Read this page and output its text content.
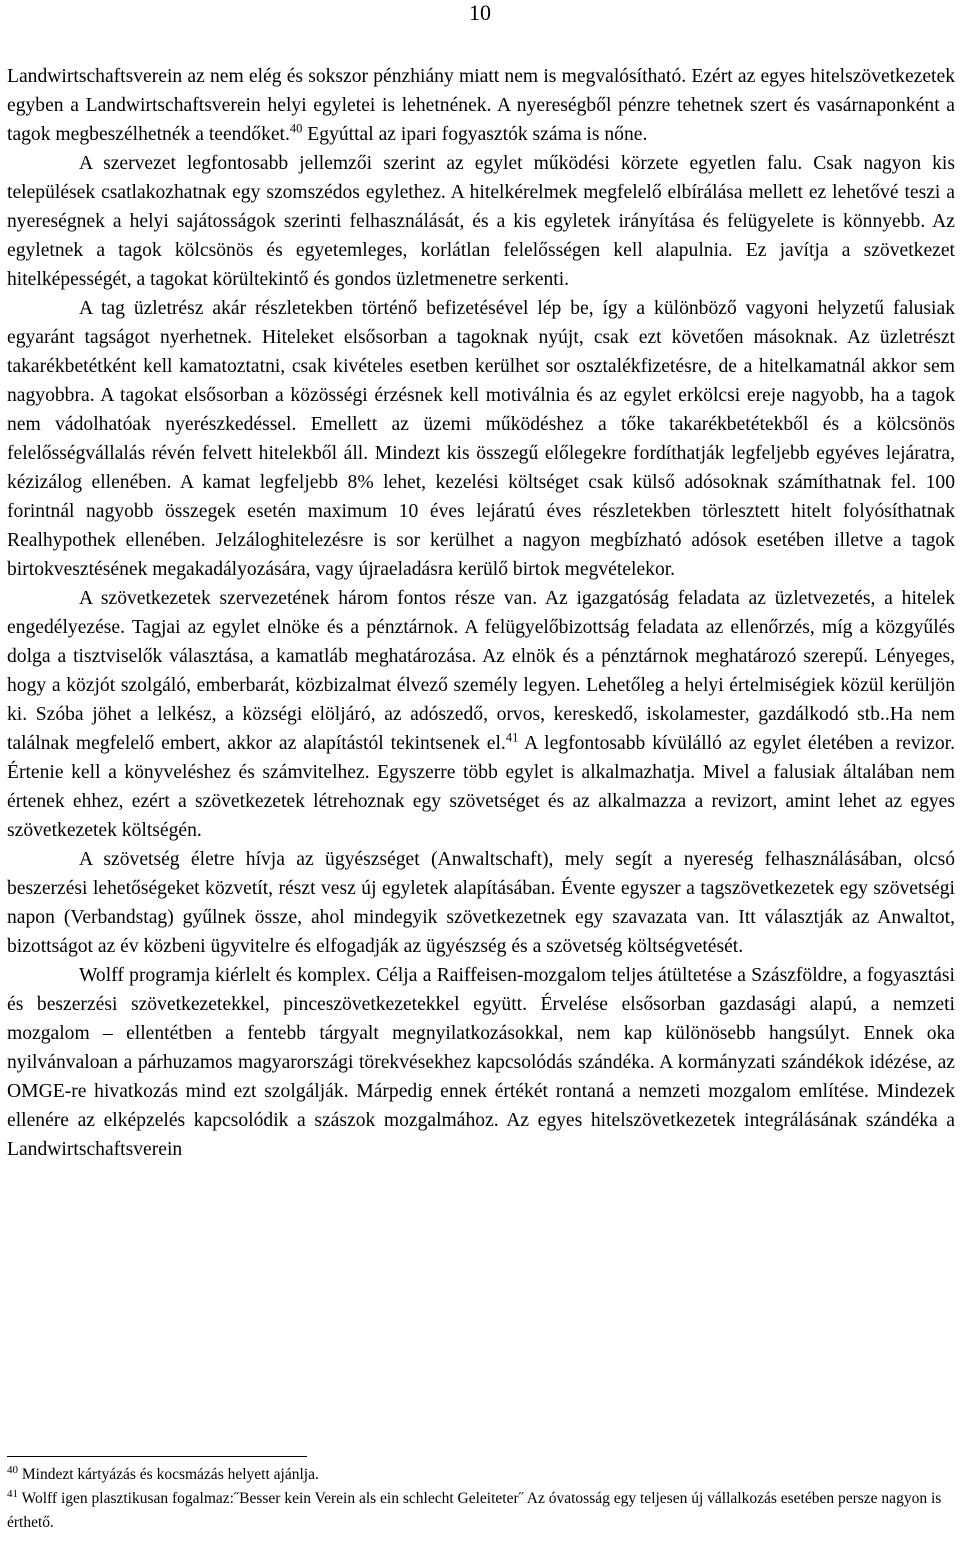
10

Landwirtschaftsverein az nem elég és sokszor pénzhiány miatt nem is megvalósítható. Ezért az egyes hitelszövetkezetek egyben a Landwirtschaftsverein helyi egyletei is lehetnének. A nyereségből pénzre tehetnek szert és vasárnaponként a tagok megbeszélhetnék a teendőket.$^{40}$ Egyúttal az ipari fogyasztók száma is nőne.

A szervezet legfontosabb jellemzői szerint az egylet működési körzete egyetlen falu. Csak nagyon kis települések csatlakozhatnak egy szomszédos egylethez. A hitelkérelmek megfelelő elbírálása mellett ez lehetővé teszi a nyereségnek a helyi sajátosságok szerinti felhasználását, és a kis egyletek irányítása és felügyelete is könnyebb. Az egyletnek a tagok kölcsönös és egyetemleges, korlátlan felelősségen kell alapulnia. Ez javítja a szövetkezet hitelképességét, a tagokat körültekintő és gondos üzletmenetre serkenti.

A tag üzletrész akár részletekben történő befizetésével lép be, így a különböző vagyoni helyzetű falusiak egyaránt tagságot nyerhetnek. Hiteleket elsősorban a tagoknak nyújt, csak ezt követően másoknak. Az üzletrészt takarékbetétként kell kamatoztatni, csak kivételes esetben kerülhet sor osztalékfizetésre, de a hitelkamatnál akkor sem nagyobbra. A tagokat elsősorban a közösségi érzésnek kell motiválnia és az egylet erkölcsi ereje nagyobb, ha a tagok nem vádolhatóak nyerészkedéssel. Emellett az üzemi működéshez a tőke takarékbetétekből és a kölcsönös felelősségvállalás révén felvett hitelekből áll. Mindezt kis összegű előlegekre fordíthatják legfeljebb egyéves lejáratra, kézizálog ellenében. A kamat legfeljebb 8% lehet, kezelési költséget csak külső adósoknak számíthatnak fel. 100 forintnál nagyobb összegek esetén maximum 10 éves lejáratú éves részletekben törlesztett hitelt folyósíthatnak Realhypothek ellenében. Jelzáloghitelezésre is sor kerülhet a nagyon megbízható adósok esetében illetve a tagok birtokvesztésének megakadályozására, vagy újraeladásra kerülő birtok megvételekor.

A szövetkezetek szervezetének három fontos része van. Az igazgatóság feladata az üzletvezetés, a hitelek engedélyezése. Tagjai az egylet elnöke és a pénztárnok. A felügyelőbizottság feladata az ellenőrzés, míg a közgyűlés dolga a tisztviselők választása, a kamatláb meghatározása. Az elnök és a pénztárnok meghatározó szerepű. Lényeges, hogy a közjót szolgáló, emberbarát, közbizalmat élvező személy legyen. Lehetőleg a helyi értelmiségiek közül kerüljön ki. Szóba jöhet a lelkész, a községi elöljáró, az adószedő, orvos, kereskedő, iskolamester, gazdálkodó stb..Ha nem találnak megfelelő embert, akkor az alapítástól tekintsenek el.$^{41}$ A legfontosabb kívülálló az egylet életében a revizor. Értenie kell a könyveléshez és számvitelhez. Egyszerre több egylet is alkalmazhatja. Mivel a falusiak általában nem értenek ehhez, ezért a szövetkezetek létrehoznak egy szövetséget és az alkalmazza a revizort, amint lehet az egyes szövetkezetek költségén.

A szövetség életre hívja az ügyészséget (Anwaltschaft), mely segít a nyereség felhasználásában, olcsó beszerzési lehetőségeket közvetít, részt vesz új egyletek alapításában. Évente egyszer a tagszövetkezetek egy szövetségi napon (Verbandstag) gyűlnek össze, ahol mindegyik szövetkezetnek egy szavazata van. Itt választják az Anwaltot, bizottságot az év közbeni ügyvitelre és elfogadják az ügyészség és a szövetség költségvetését.

Wolff programja kiérlelt és komplex. Célja a Raiffeisen-mozgalom teljes átültetése a Szászföldre, a fogyasztási és beszerzési szövetkezetekkel, pinceszövetkezetekkel együtt. Érvelése elsősorban gazdasági alapú, a nemzeti mozgalom – ellentétben a fentebb tárgyalt megnyilatkozásokkal, nem kap különösebb hangsúlyt. Ennek oka nyilvánvaloan a párhuzamos magyarországi törekvésekhez kapcsolódás szándéka. A kormányzati szándékok idézése, az OMGE-re hivatkozás mind ezt szolgálják. Márpedig ennek értékét rontaná a nemzeti mozgalom említése. Mindezek ellenére az elképzelés kapcsolódik a szászok mozgalmához. Az egyes hitelszövetkezetek integrálásának szándéka a Landwirtschaftsverein

$^{40}$ Mindezt kártyázás és kocsmázás helyett ajánlja.

$^{41}$ Wolff igen plasztikusan fogalmaz:˝Besser kein Verein als ein schlecht Geleiteter˝ Az óvatosság egy teljesen új vállalkozás esetében persze nagyon is érthető.
